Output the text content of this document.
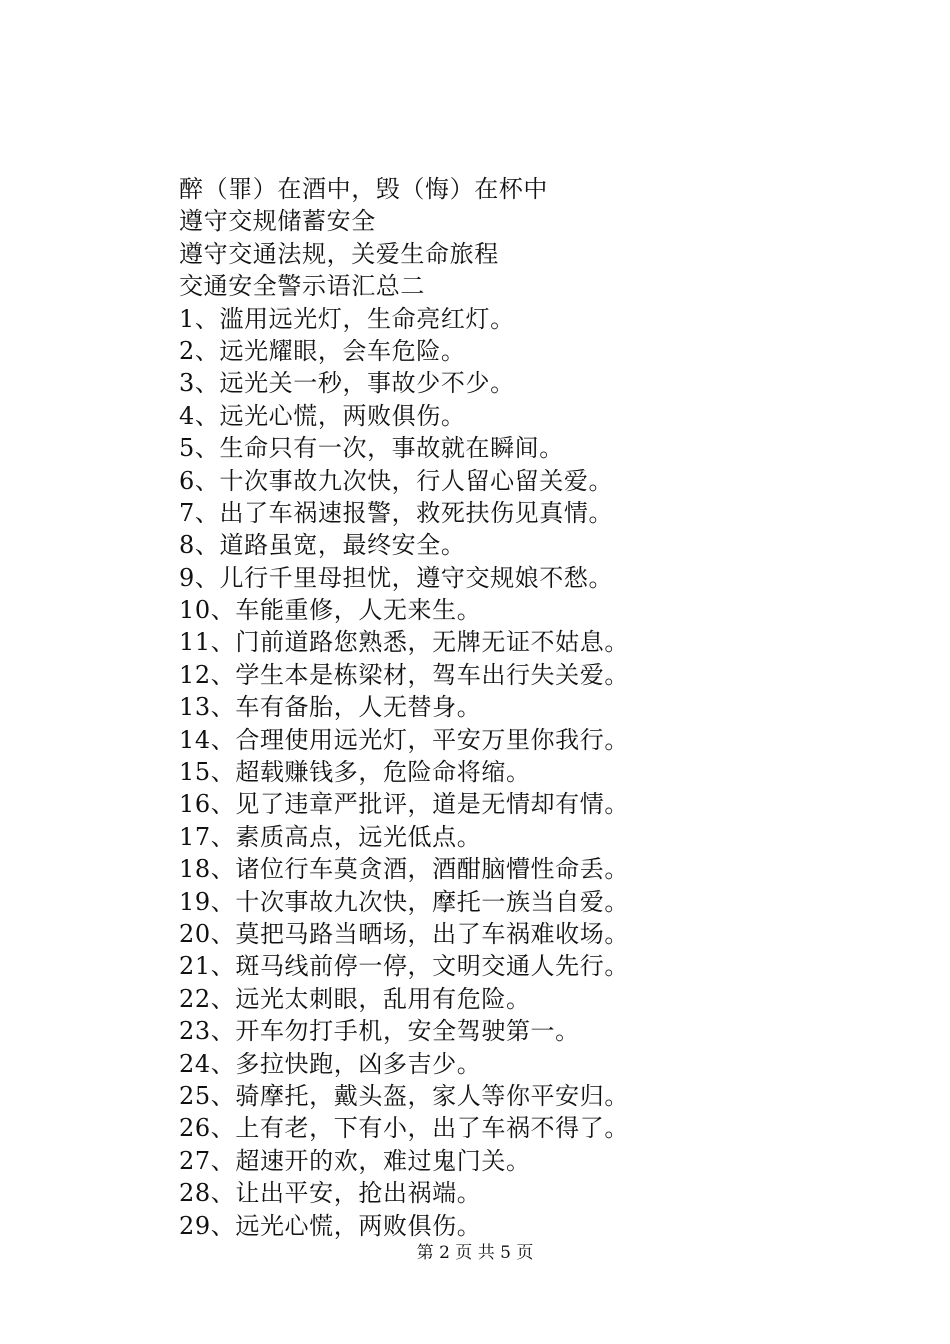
醉（罪）在酒中，毁（悔）在杯中
遵守交规储蓄安全
遵守交通法规，关爱生命旅程
交通安全警示语汇总二
1、滥用远光灯，生命亮红灯。
2、远光耀眼，会车危险。
3、远光关一秒，事故少不少。
4、远光心慌，两败俱伤。
5、生命只有一次，事故就在瞬间。
6、十次事故九次快，行人留心留关爱。
7、出了车祸速报警，救死扶伤见真情。
8、道路虽宽，最终安全。
9、儿行千里母担忧，遵守交规娘不愁。
10、车能重修，人无来生。
11、门前道路您熟悉，无牌无证不姑息。
12、学生本是栋梁材，驾车出行失关爱。
13、车有备胎，人无替身。
14、合理使用远光灯，平安万里你我行。
15、超载赚钱多，危险命将缩。
16、见了违章严批评，道是无情却有情。
17、素质高点，远光低点。
18、诸位行车莫贪酒，酒酣脑懵性命丢。
19、十次事故九次快，摩托一族当自爱。
20、莫把马路当晒场，出了车祸难收场。
21、斑马线前停一停，文明交通人先行。
22、远光太刺眼，乱用有危险。
23、开车勿打手机，安全驾驶第一。
24、多拉快跑，凶多吉少。
25、骑摩托，戴头盔，家人等你平安归。
26、上有老，下有小，出了车祸不得了。
27、超速开的欢，难过鬼门关。
28、让出平安，抢出祸端。
29、远光心慌，两败俱伤。
第 2 页 共 5 页
